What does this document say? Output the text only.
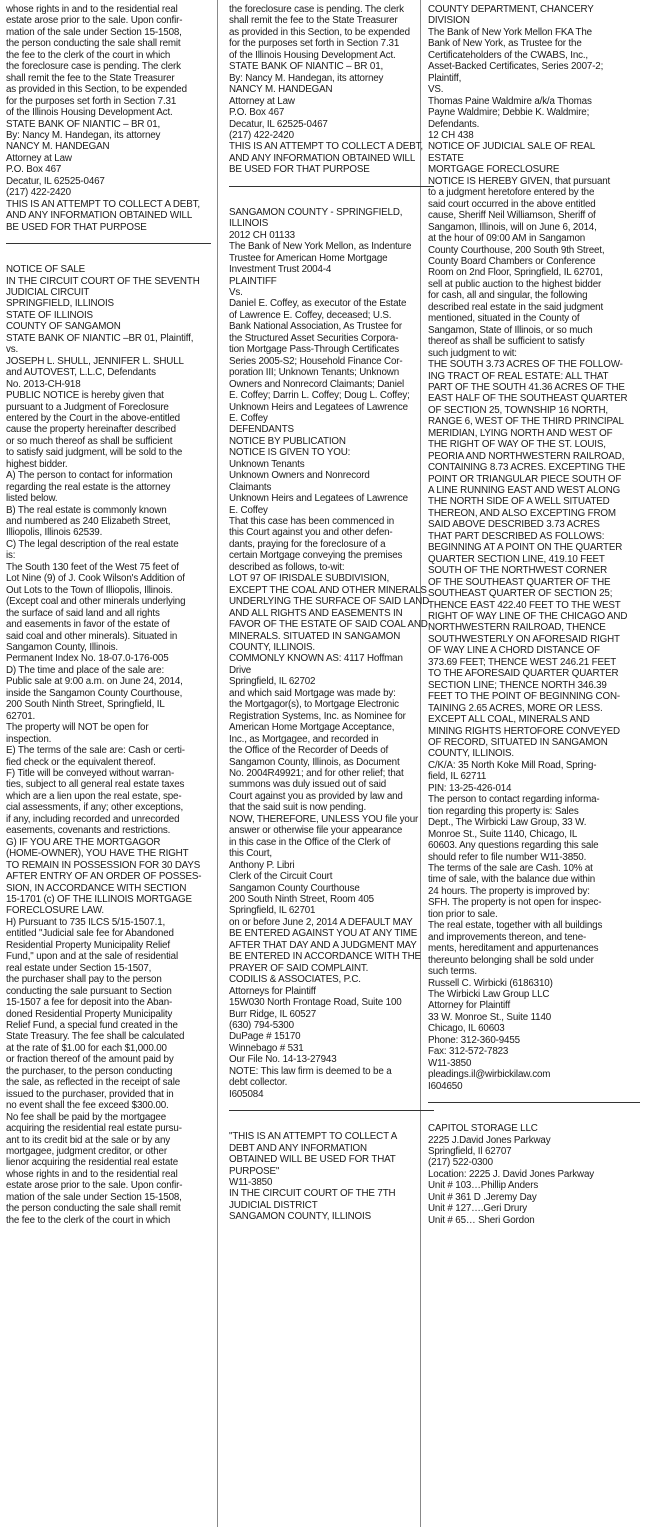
whose rights in and to the residential real
estate arose prior to the sale. Upon confir-
mation of the sale under Section 15-1508,
the person conducting the sale shall remit
the fee to the clerk of the court in which
the foreclosure case is pending. The clerk
shall remit the fee to the State Treasurer
as provided in this Section, to be expended
for the purposes set forth in Section 7.31
of the Illinois Housing Development Act.
STATE BANK OF NIANTIC – BR 01,
By: Nancy M. Handegan, its attorney
NANCY M. HANDEGAN
Attorney at Law
P.O. Box 467
Decatur, IL 62525-0467
(217) 422-2420
THIS IS AN ATTEMPT TO COLLECT A DEBT,
AND ANY INFORMATION OBTAINED WILL
BE USED FOR THAT PURPOSE
NOTICE OF SALE
IN THE CIRCUIT COURT OF THE SEVENTH
JUDICIAL CIRCUIT
SPRINGFIELD, ILLINOIS
STATE OF ILLINOIS
COUNTY OF SANGAMON
STATE BANK OF NIANTIC –BR 01, Plaintiff,
vs.
JOSEPH L. SHULL, JENNIFER L. SHULL
and AUTOVEST, L.L.C, Defendants
No. 2013-CH-918
PUBLIC NOTICE is hereby given that
pursuant to a Judgment of Foreclosure
entered by the Court in the above-entitled
cause the property hereinafter described
or so much thereof as shall be sufficient
to satisfy said judgment, will be sold to the
highest bidder.
A) The person to contact for information
regarding the real estate is the attorney
listed below.
B) The real estate is commonly known
and numbered as 240 Elizabeth Street,
Illiopolis, Illinois 62539.
C) The legal description of the real estate
is:
The South 130 feet of the West 75 feet of
Lot Nine (9) of J. Cook Wilson's Addition of
Out Lots to the Town of Illiopolis, Illinois.
(Except coal and other minerals underlying
the surface of said land and all rights
and easements in favor of the estate of
said coal and other minerals). Situated in
Sangamon County, Illinois.
Permanent Index No. 18-07.0-176-005
D) The time and place of the sale are:
Public sale at 9:00 a.m. on June 24, 2014,
inside the Sangamon County Courthouse,
200 South Ninth Street, Springfield, IL
62701.
The property will NOT be open for
inspection.
E) The terms of the sale are: Cash or certi-
fied check or the equivalent thereof.
F) Title will be conveyed without warran-
ties, subject to all general real estate taxes
which are a lien upon the real estate, spe-
cial assessments, if any; other exceptions,
if any, including recorded and unrecorded
easements, covenants and restrictions.
G) IF YOU ARE THE MORTGAGOR
(HOME-OWNER), YOU HAVE THE RIGHT
TO REMAIN IN POSSESSION FOR 30 DAYS
AFTER ENTRY OF AN ORDER OF POSSES-
SION, IN ACCORDANCE WITH SECTION
15-1701 (c) OF THE ILLINOIS MORTGAGE
FORECLOSURE LAW.
H) Pursuant to 735 ILCS 5/15-1507.1,
entitled "Judicial sale fee for Abandoned
Residential Property Municipality Relief
Fund," upon and at the sale of residential
real estate under Section 15-1507,
the purchaser shall pay to the person
conducting the sale pursuant to Section
15-1507 a fee for deposit into the Aban-
doned Residential Property Municipality
Relief Fund, a special fund created in the
State Treasury. The fee shall be calculated
at the rate of $1.00 for each $1,000.00
or fraction thereof of the amount paid by
the purchaser, to the person conducting
the sale, as reflected in the receipt of sale
issued to the purchaser, provided that in
no event shall the fee exceed $300.00.
No fee shall be paid by the mortgagee
acquiring the residential real estate pursu-
ant to its credit bid at the sale or by any
mortgagee, judgment creditor, or other
lienor acquiring the residential real estate
whose rights in and to the residential real
estate arose prior to the sale. Upon confir-
mation of the sale under Section 15-1508,
the person conducting the sale shall remit
the fee to the clerk of the court in which
the foreclosure case is pending. The clerk
shall remit the fee to the State Treasurer
as provided in this Section, to be expended
for the purposes set forth in Section 7.31
of the Illinois Housing Development Act.
STATE BANK OF NIANTIC – BR 01,
By: Nancy M. Handegan, its attorney
NANCY M. HANDEGAN
Attorney at Law
P.O. Box 467
Decatur, IL 62525-0467
(217) 422-2420
THIS IS AN ATTEMPT TO COLLECT A DEBT,
AND ANY INFORMATION OBTAINED WILL
BE USED FOR THAT PURPOSE
SANGAMON COUNTY - SPRINGFIELD,
ILLINOIS
2012 CH 01133
The Bank of New York Mellon, as Indenture
Trustee for American Home Mortgage
Investment Trust 2004-4
PLAINTIFF
Vs.
Daniel E. Coffey, as executor of the Estate
of Lawrence E. Coffey, deceased; U.S.
Bank National Association, As Trustee for
the Structured Asset Securities Corpora-
tion Mortgage Pass-Through Certificates
Series 2005-S2; Household Finance Cor-
poration III; Unknown Tenants; Unknown
Owners and Nonrecord Claimants; Daniel
E. Coffey; Darrin L. Coffey; Doug L. Coffey;
Unknown Heirs and Legatees of Lawrence
E. Coffey
DEFENDANTS
NOTICE BY PUBLICATION
NOTICE IS GIVEN TO YOU:
Unknown Tenants
Unknown Owners and Nonrecord
Claimants
Unknown Heirs and Legatees of Lawrence
E. Coffey
That this case has been commenced in
this Court against you and other defen-
dants, praying for the foreclosure of a
certain Mortgage conveying the premises
described as follows, to-wit:
LOT 97 OF IRISDALE SUBDIVISION,
EXCEPT THE COAL AND OTHER MINERALS
UNDERLYING THE SURFACE OF SAID LAND
AND ALL RIGHTS AND EASEMENTS IN
FAVOR OF THE ESTATE OF SAID COAL AND
MINERALS. SITUATED IN SANGAMON
COUNTY, ILLINOIS.
COMMONLY KNOWN AS: 4117 Hoffman
Drive
Springfield, IL 62702
and which said Mortgage was made by:
the Mortgagor(s), to Mortgage Electronic
Registration Systems, Inc. as Nominee for
American Home Mortgage Acceptance,
Inc., as Mortgagee, and recorded in
the Office of the Recorder of Deeds of
Sangamon County, Illinois, as Document
No. 2004R49921; and for other relief; that
summons was duly issued out of said
Court against you as provided by law and
that the said suit is now pending.
NOW, THEREFORE, UNLESS YOU file your
answer or otherwise file your appearance
in this case in the Office of the Clerk of
this Court,
Anthony P. Libri
Clerk of the Circuit Court
Sangamon County Courthouse
200 South Ninth Street, Room 405
Springfield, IL 62701
on or before June 2, 2014 A DEFAULT MAY
BE ENTERED AGAINST YOU AT ANY TIME
AFTER THAT DAY AND A JUDGMENT MAY
BE ENTERED IN ACCORDANCE WITH THE
PRAYER OF SAID COMPLAINT.
CODILIS & ASSOCIATES, P.C.
Attorneys for Plaintiff
15W030 North Frontage Road, Suite 100
Burr Ridge, IL 60527
(630) 794-5300
DuPage # 15170
Winnebago # 531
Our File No. 14-13-27943
NOTE: This law firm is deemed to be a
debt collector.
I605084
"THIS IS AN ATTEMPT TO COLLECT A
DEBT AND ANY INFORMATION
OBTAINED WILL BE USED FOR THAT
PURPOSE"
W11-3850
IN THE CIRCUIT COURT OF THE 7TH
JUDICIAL DISTRICT
SANGAMON COUNTY, ILLINOIS
COUNTY DEPARTMENT, CHANCERY
DIVISION
The Bank of New York Mellon FKA The
Bank of New York, as Trustee for the
Certificateholders of the CWABS, Inc.,
Asset-Backed Certificates, Series 2007-2;
Plaintiff,
VS.
Thomas Paine Waldmire a/k/a Thomas
Payne Waldmire; Debbie K. Waldmire;
Defendants.
12 CH 438
NOTICE OF JUDICIAL SALE OF REAL
ESTATE
MORTGAGE FORECLOSURE
NOTICE IS HEREBY GIVEN, that pursuant
to a judgment heretofore entered by the
said court occurred in the above entitled
cause, Sheriff Neil Williamson, Sheriff of
Sangamon, Illinois, will on June 6, 2014,
at the hour of 09:00 AM in Sangamon
County Courthouse, 200 South 9th Street,
County Board Chambers or Conference
Room on 2nd Floor, Springfield, IL 62701,
sell at public auction to the highest bidder
for cash, all and singular, the following
described real estate in the said judgment
mentioned, situated in the County of
Sangamon, State of Illinois, or so much
thereof as shall be sufficient to satisfy
such judgment to wit:
THE SOUTH 3.73 ACRES OF THE FOLLOW-
ING TRACT OF REAL ESTATE: ALL THAT
PART OF THE SOUTH 41.36 ACRES OF THE
EAST HALF OF THE SOUTHEAST QUARTER
OF SECTION 25, TOWNSHIP 16 NORTH,
RANGE 6, WEST OF THE THIRD PRINCIPAL
MERIDIAN, LYING NORTH AND WEST OF
THE RIGHT OF WAY OF THE ST. LOUIS,
PEORIA AND NORTHWESTERN RAILROAD,
CONTAINING 8.73 ACRES. EXCEPTING THE
POINT OR TRIANGULAR PIECE SOUTH OF
A LINE RUNNING EAST AND WEST ALONG
THE NORTH SIDE OF A WELL SITUATED
THEREON, AND ALSO EXCEPTING FROM
SAID ABOVE DESCRIBED 3.73 ACRES
THAT PART DESCRIBED AS FOLLOWS:
BEGINNING AT A POINT ON THE QUARTER
QUARTER SECTION LINE, 419.10 FEET
SOUTH OF THE NORTHWEST CORNER
OF THE SOUTHEAST QUARTER OF THE
SOUTHEAST QUARTER OF SECTION 25;
THENCE EAST 422.40 FEET TO THE WEST
RIGHT OF WAY LINE OF THE CHICAGO AND
NORTHWESTERN RAILROAD, THENCE
SOUTHWESTERLY ON AFORESAID RIGHT
OF WAY LINE A CHORD DISTANCE OF
373.69 FEET; THENCE WEST 246.21 FEET
TO THE AFORESAID QUARTER QUARTER
SECTION LINE; THENCE NORTH 346.39
FEET TO THE POINT OF BEGINNING CON-
TAINING 2.65 ACRES, MORE OR LESS.
EXCEPT ALL COAL, MINERALS AND
MINING RIGHTS HERTOFORE CONVEYED
OF RECORD, SITUATED IN SANGAMON
COUNTY, ILLINOIS.
C/K/A: 35 North Koke Mill Road, Spring-
field, IL 62711
PIN: 13-25-426-014
The person to contact regarding informa-
tion regarding this property is: Sales
Dept., The Wirbicki Law Group, 33 W.
Monroe St., Suite 1140, Chicago, IL
60603. Any questions regarding this sale
should refer to file number W11-3850.
The terms of the sale are Cash. 10% at
time of sale, with the balance due within
24 hours. The property is improved by:
SFH. The property is not open for inspec-
tion prior to sale.
The real estate, together with all buildings
and improvements thereon, and tene-
ments, hereditament and appurtenances
thereunto belonging shall be sold under
such terms.
Russell C. Wirbicki (6186310)
The Wirbicki Law Group LLC
Attorney for Plaintiff
33 W. Monroe St., Suite 1140
Chicago, IL 60603
Phone: 312-360-9455
Fax: 312-572-7823
W11-3850
pleadings.il@wirbickilaw.com
I604650
CAPITOL STORAGE LLC
2225 J.David Jones Parkway
Springfield, Il 62707
(217) 522-0300
Location: 2225 J. David Jones Parkway
Unit # 103…Phillip Anders
Unit # 361 D .Jeremy Day
Unit # 127….Geri Drury
Unit # 65… Sheri Gordon
